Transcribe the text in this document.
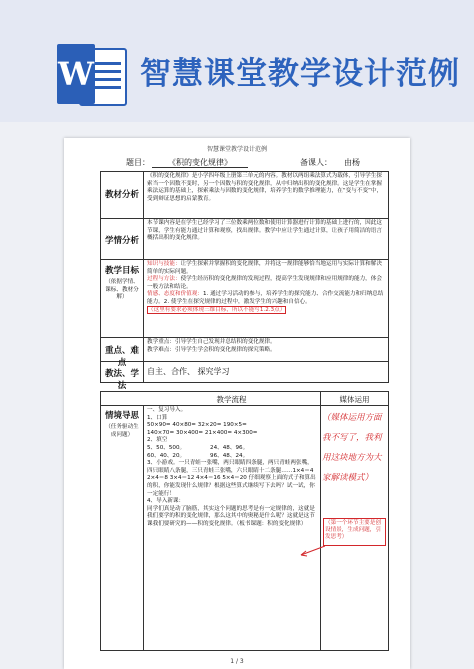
W 智慧课堂教学设计范例
智慧课堂教学设计范例
题目： 《积的变化规律》	备课人： 由杨
教材分析
《积的变化规律》是小学四年级上册第三单元的内容。教材以两组乘法算式为载体，引导学生探索当一个因数不变时，另一个因数与积的变化规律，从中归纳出积的变化规律。这是学生在掌握乘法运算的基础上，探索乘法与因数的变化规律，培养学生的数学推理能力，在“变与不变”中，受到辩证思想的启蒙教育。
学情分析
本节课内容是在学生已经学习了三位数乘两位数和使用计算器进行计算的基础上进行的，因此这节课，学生有能力通过计算和观察，找出规律。教学中应让学生通过计算，让孩子用简洁的语言概括出积的变化规律。
教学目标
（依据学情、课标、教材分解）
知识与技能：让学生探索并掌握积的变化规律，并将这一规律能够恰当地运用与实际计算和解决简单的实际问题。
过程与方法：使学生经历积的变化规律的发现过程，提高学生发现规律和应用规律的能力，体会一般方法和结论。
情感、态度和价值观：1. 通过学习活动的参与，培养学生的探究能力、合作交流能力和归纳总结能力。2. 使学生在探究规律的过程中，激发学生的兴趣和自信心。
（这里有要求必须体现三维目标，所以不能写1.2.3点）
重点、难点
教学重点：引导学生自己发现并总结积的变化规律。
教学难点：引导学生学会积的变化规律的探究策略。
教法、学法
自主、合作、 探究学习
教学流程	媒体运用
情境导思
（任务驱动生成问题）
一、复习导入。
1、口算
50×90= 40×80= 32×20= 190×5=
140×70= 30×400= 21×400= 4×300=
2、填空
5、50、500。              24、48、96。
60、40、20。              96、48、24。
3、小游戏。一只青蛙一张嘴，两只眼睛四条腿，两只青蛙两张嘴，四只眼睛八条腿，三只青蛙三张嘴，六只眼睛十二条腿……1×4＝4 2×4＝8 3×4＝12 4×4＝16 5×4＝20 仔细观察上面的式子和算出的积，你能发现什么规律？根据这些算式继续写下去吗？试一试，你一定能行！
4、导入新课：
同学们真是动了脑筋，其实这个问题的思考是有一定规律的，这就是我们要学的积的变化规律，那么这其中的奥秘是什么呢？这就是这节课我们要研究的——积的变化规律。（板书课题：积的变化规律）
（媒体运用方面我不写了，我利用这块地方为大家解读模式）
（第一个环节主要是创设情景，生成问题，引发思考）
1 / 3
